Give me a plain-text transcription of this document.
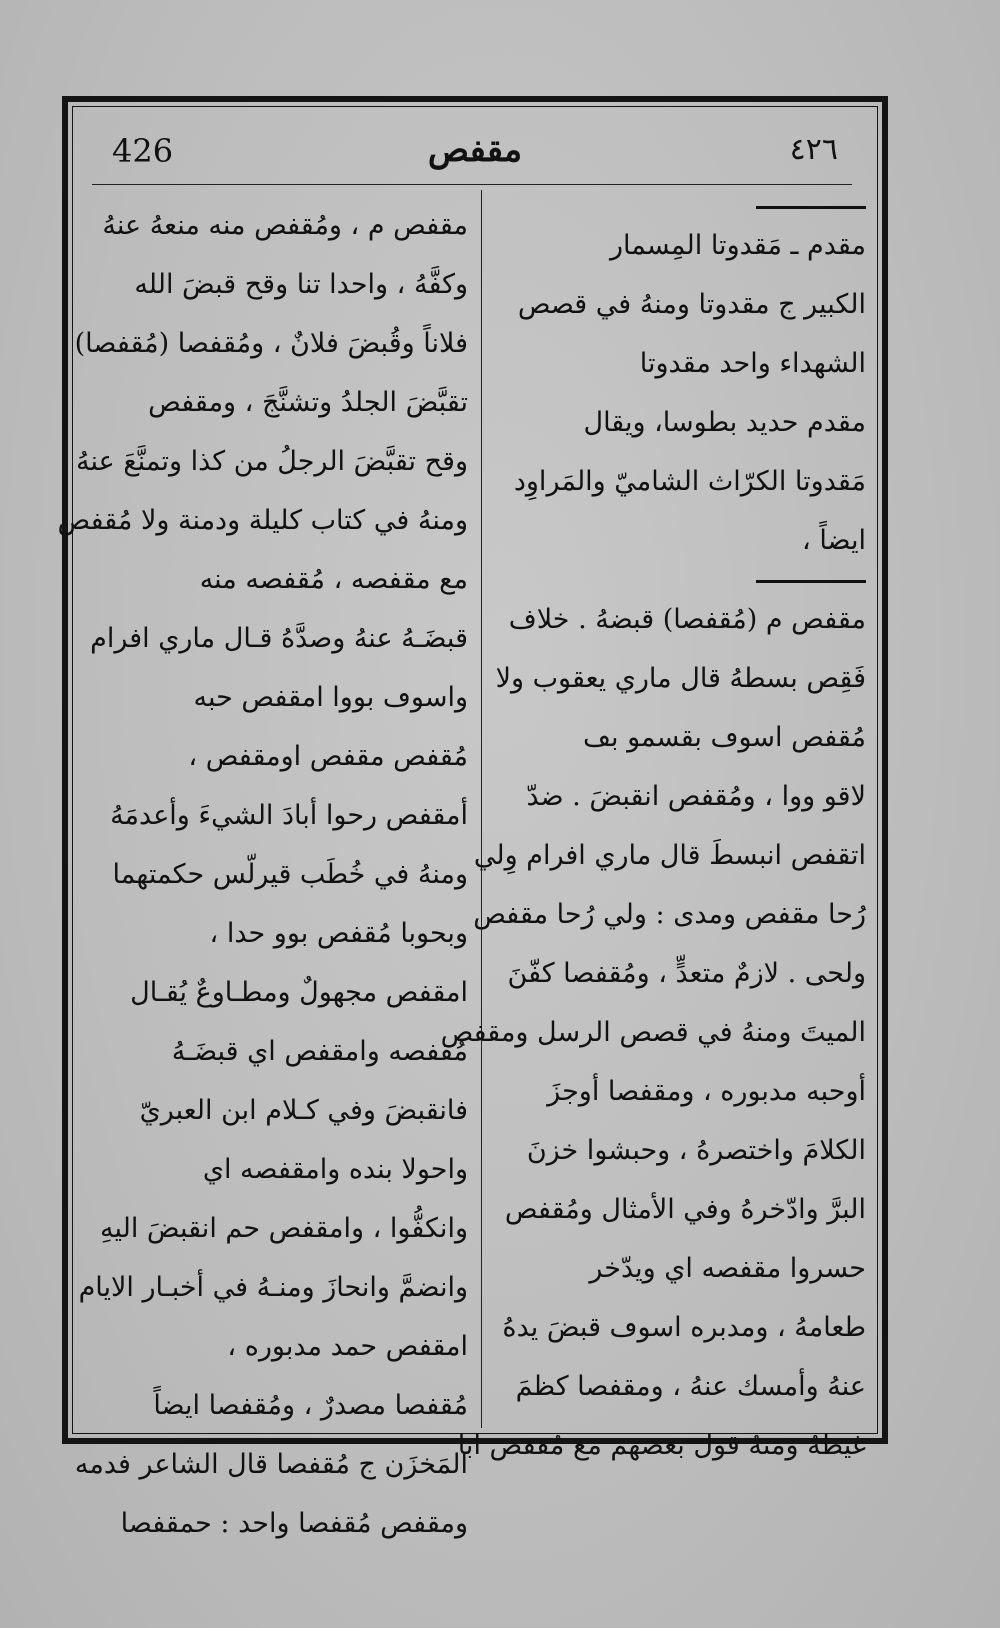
426	مقفص	٤٢٦
مقدم ـ مَقدوتا المِسمار
الكبير ج مقدوتا ومنهُ في قصص
الشهداء واحد مقدوتا
مقدم حديد بطوسا، ويقال
مَقدوتا الكرّاث الشاميّ والمَراوِد
ايضاً ،
مقفص م (مُقفصا) قبضهُ . خلاف
فَقِص بسطهُ قال ماري يعقوب ولا
مُقفص اسوڡ بقسمو بڡ
لاقو ووا ، ومُقفص انقبضَ . ضدّ
اتقفص انبسطَ قال ماري افرام وِلي
رُحا مقفص ومدى : ولي رُحا مقفص
ولحى . لازمٌ متعدٍّ ، ومُقفصا كفّنَ
الميتَ ومنهُ في قصص الرسل ومقفص
أوحبه مدبوره ، ومقفصا أوجزَ
الكلامَ واختصرهُ ، وحبشوا خزنَ
البرَّ وادّخرهُ وفي الأمثال ومُقفص
حسروا مقفصه اي ويدّخر
طعامهُ ، ومدبره اسوڡ قبضَ يدهُ
عنهُ وأمسك عنهُ ، ومقفصا كظمَ
غيظهُ ومنهُ قول بعضهم مع مُقفص ابا
مقفص م ، ومُقفص منه منعهُ عنهُ
وكفَّهُ ، واحدا تنا وقح قبضَ الله
فلاناً وقُبضَ فلانٌ ، ومُقفصا (مُقفصا)
تقبَّضَ الجلدُ وتشنَّجَ ، ومقفص
وقح تقبَّضَ الرجلُ من كذا وتمنَّعَ عنهُ
ومنهُ في كتاب كليلة ودمنة ولا مُقفص
مع مقفصه ، مُقفصه منه
قبضَـهُ عنهُ وصدَّهُ قـال ماري افرام
واسوڡ بووا امقفص حبه
مُقفص مقفص اومقفص ،
أمقفص رحوا أبادَ الشيءَ وأعدمَهُ
ومنهُ في خُطَب قيرلّس حكمتهما
وبحوبا مُقفص بوو حدا ،
امقفص مجهولٌ ومطـاوعٌ يُقـال
مُقفصه وامقفص اي قبضَـهُ
فانقبضَ وفي كـلام ابن العبريّ
واحولا بنده وامقفصه اي
وانكفُّوا ، وامقفص حم انقبضَ اليهِ
وانضمَّ وانحازَ ومنـهُ في أخبـار الايام
امقفص حمد مدبوره ،
مُقفصا مصدرٌ ، ومُقفصا ايضاً
المَخزَن ج مُقفصا قال الشاعر فدمه
ومقفص مُقفصا واحد : حمقفصا
